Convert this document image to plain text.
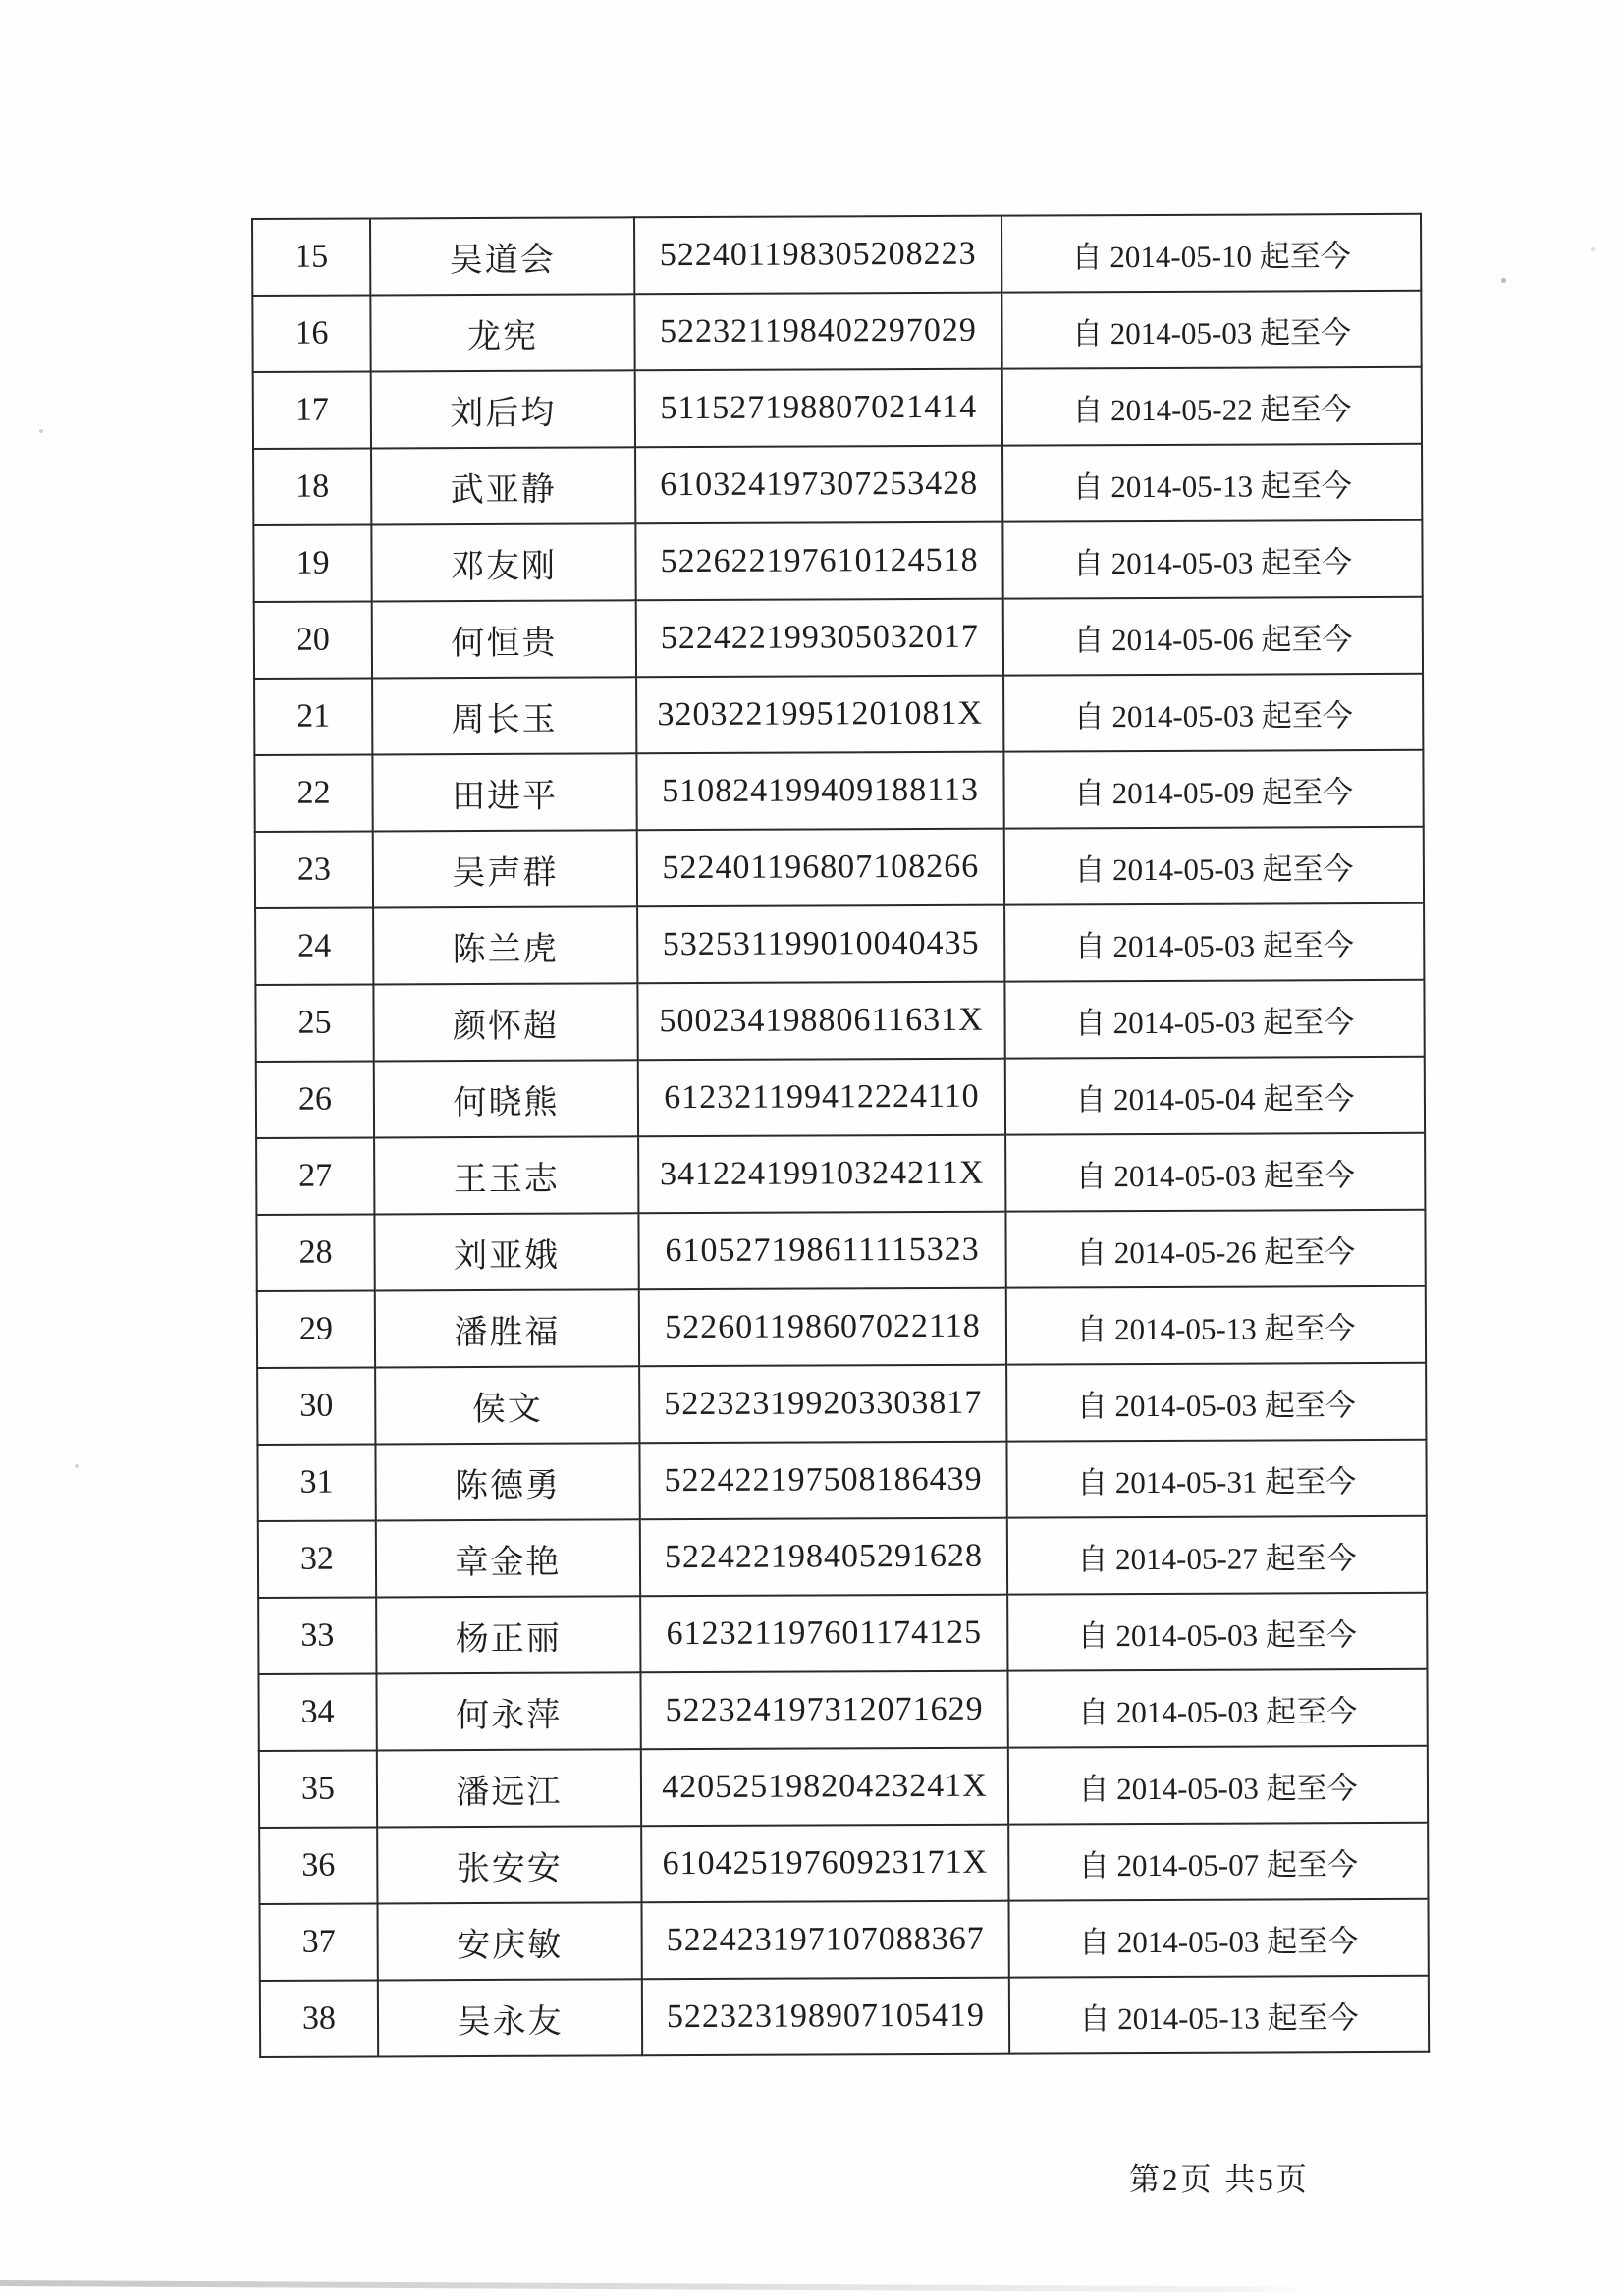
15	吴道会	522401198305208223	自 2014-05-10 起至今
16	龙宪	522321198402297029	自 2014-05-03 起至今
17	刘后均	511527198807021414	自 2014-05-22 起至今
18	武亚静	610324197307253428	自 2014-05-13 起至今
19	邓友刚	522622197610124518	自 2014-05-03 起至今
20	何恒贵	522422199305032017	自 2014-05-06 起至今
21	周长玉	32032219951201081X	自 2014-05-03 起至今
22	田进平	510824199409188113	自 2014-05-09 起至今
23	吴声群	522401196807108266	自 2014-05-03 起至今
24	陈兰虎	532531199010040435	自 2014-05-03 起至今
25	颜怀超	50023419880611631X	自 2014-05-03 起至今
26	何晓熊	612321199412224110	自 2014-05-04 起至今
27	王玉志	34122419910324211X	自 2014-05-03 起至今
28	刘亚娥	610527198611115323	自 2014-05-26 起至今
29	潘胜福	522601198607022118	自 2014-05-13 起至今
30	侯文	522323199203303817	自 2014-05-03 起至今
31	陈德勇	522422197508186439	自 2014-05-31 起至今
32	章金艳	522422198405291628	自 2014-05-27 起至今
33	杨正丽	612321197601174125	自 2014-05-03 起至今
34	何永萍	522324197312071629	自 2014-05-03 起至今
35	潘远江	42052519820423241X	自 2014-05-03 起至今
36	张安安	61042519760923171X	自 2014-05-07 起至今
37	安庆敏	522423197107088367	自 2014-05-03 起至今
38	吴永友	522323198907105419	自 2014-05-13 起至今
第2页 共5页
